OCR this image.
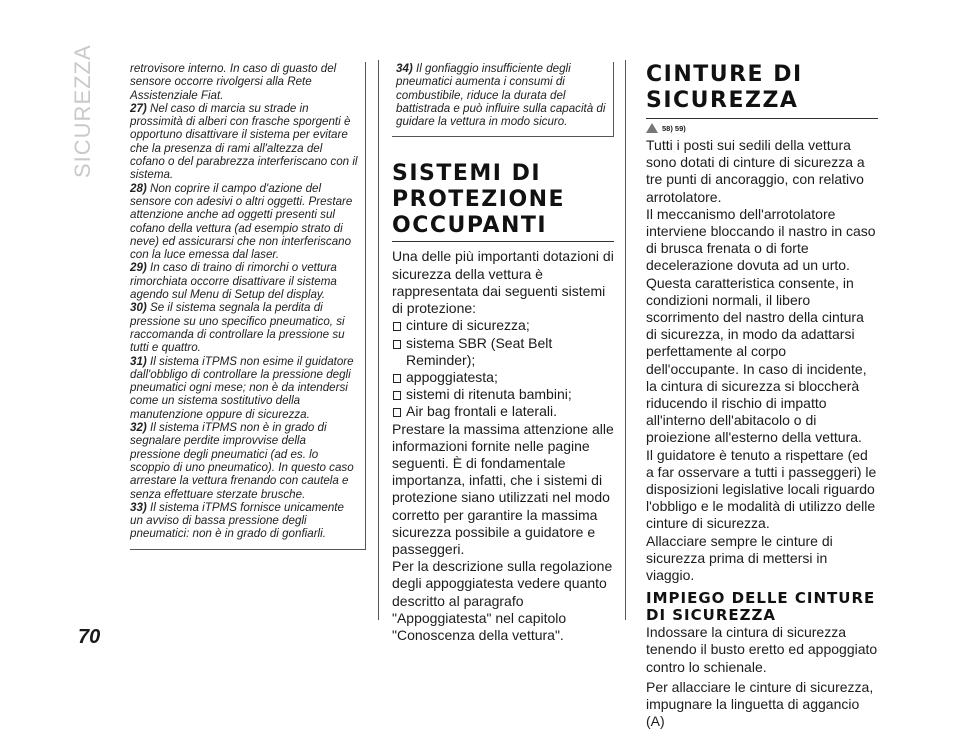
SICUREZZA
70

retrovisore interno. In caso di guasto del sensore occorre rivolgersi alla Rete Assistenziale Fiat.

27) Nel caso di marcia su strade in prossimità di alberi con frasche sporgenti è opportuno disattivare il sistema per evitare che la presenza di rami all'altezza del cofano o del parabrezza interferiscano con il sistema.

28) Non coprire il campo d'azione del sensore con adesivi o altri oggetti. Prestare attenzione anche ad oggetti presenti sul cofano della vettura (ad esempio strato di neve) ed assicurarsi che non interferiscano con la luce emessa dal laser.

29) In caso di traino di rimorchi o vettura rimorchiata occorre disattivare il sistema agendo sul Menu di Setup del display.

30) Se il sistema segnala la perdita di pressione su uno specifico pneumatico, si raccomanda di controllare la pressione su tutti e quattro.

31) Il sistema iTPMS non esime il guidatore dall'obbligo di controllare la pressione degli pneumatici ogni mese; non è da intendersi come un sistema sostitutivo della manutenzione oppure di sicurezza.

32) Il sistema iTPMS non è in grado di segnalare perdite improvvise della pressione degli pneumatici (ad es. lo scoppio di uno pneumatico). In questo caso arrestare la vettura frenando con cautela e senza effettuare sterzate brusche.

33) Il sistema iTPMS fornisce unicamente un avviso di bassa pressione degli pneumatici: non è in grado di gonfiarli.

34) Il gonfiaggio insufficiente degli pneumatici aumenta i consumi di combustibile, riduce la durata del battistrada e può influire sulla capacità di guidare la vettura in modo sicuro.

SISTEMI DI PROTEZIONE OCCUPANTI

Una delle più importanti dotazioni di sicurezza della vettura è rappresentata dai seguenti sistemi di protezione:

cinture di sicurezza;
sistema SBR (Seat Belt Reminder);
appoggiatesta;
sistemi di ritenuta bambini;
Air bag frontali e laterali.

Prestare la massima attenzione alle informazioni fornite nelle pagine seguenti. È di fondamentale importanza, infatti, che i sistemi di protezione siano utilizzati nel modo corretto per garantire la massima sicurezza possibile a guidatore e passeggeri.

Per la descrizione sulla regolazione degli appoggiatesta vedere quanto descritto al paragrafo "Appoggiatesta" nel capitolo "Conoscenza della vettura".

CINTURE DI SICUREZZA
58) 59)

Tutti i posti sui sedili della vettura sono dotati di cinture di sicurezza a tre punti di ancoraggio, con relativo arrotolatore.

Il meccanismo dell'arrotolatore interviene bloccando il nastro in caso di brusca frenata o di forte decelerazione dovuta ad un urto. Questa caratteristica consente, in condizioni normali, il libero scorrimento del nastro della cintura di sicurezza, in modo da adattarsi perfettamente al corpo dell'occupante. In caso di incidente, la cintura di sicurezza si bloccherà riducendo il rischio di impatto all'interno dell'abitacolo o di proiezione all'esterno della vettura.

Il guidatore è tenuto a rispettare (ed a far osservare a tutti i passeggeri) le disposizioni legislative locali riguardo l'obbligo e le modalità di utilizzo delle cinture di sicurezza.

Allacciare sempre le cinture di sicurezza prima di mettersi in viaggio.

IMPIEGO DELLE CINTURE DI SICUREZZA

Indossare la cintura di sicurezza tenendo il busto eretto ed appoggiato contro lo schienale.

Per allacciare le cinture di sicurezza, impugnare la linguetta di aggancio (A)
